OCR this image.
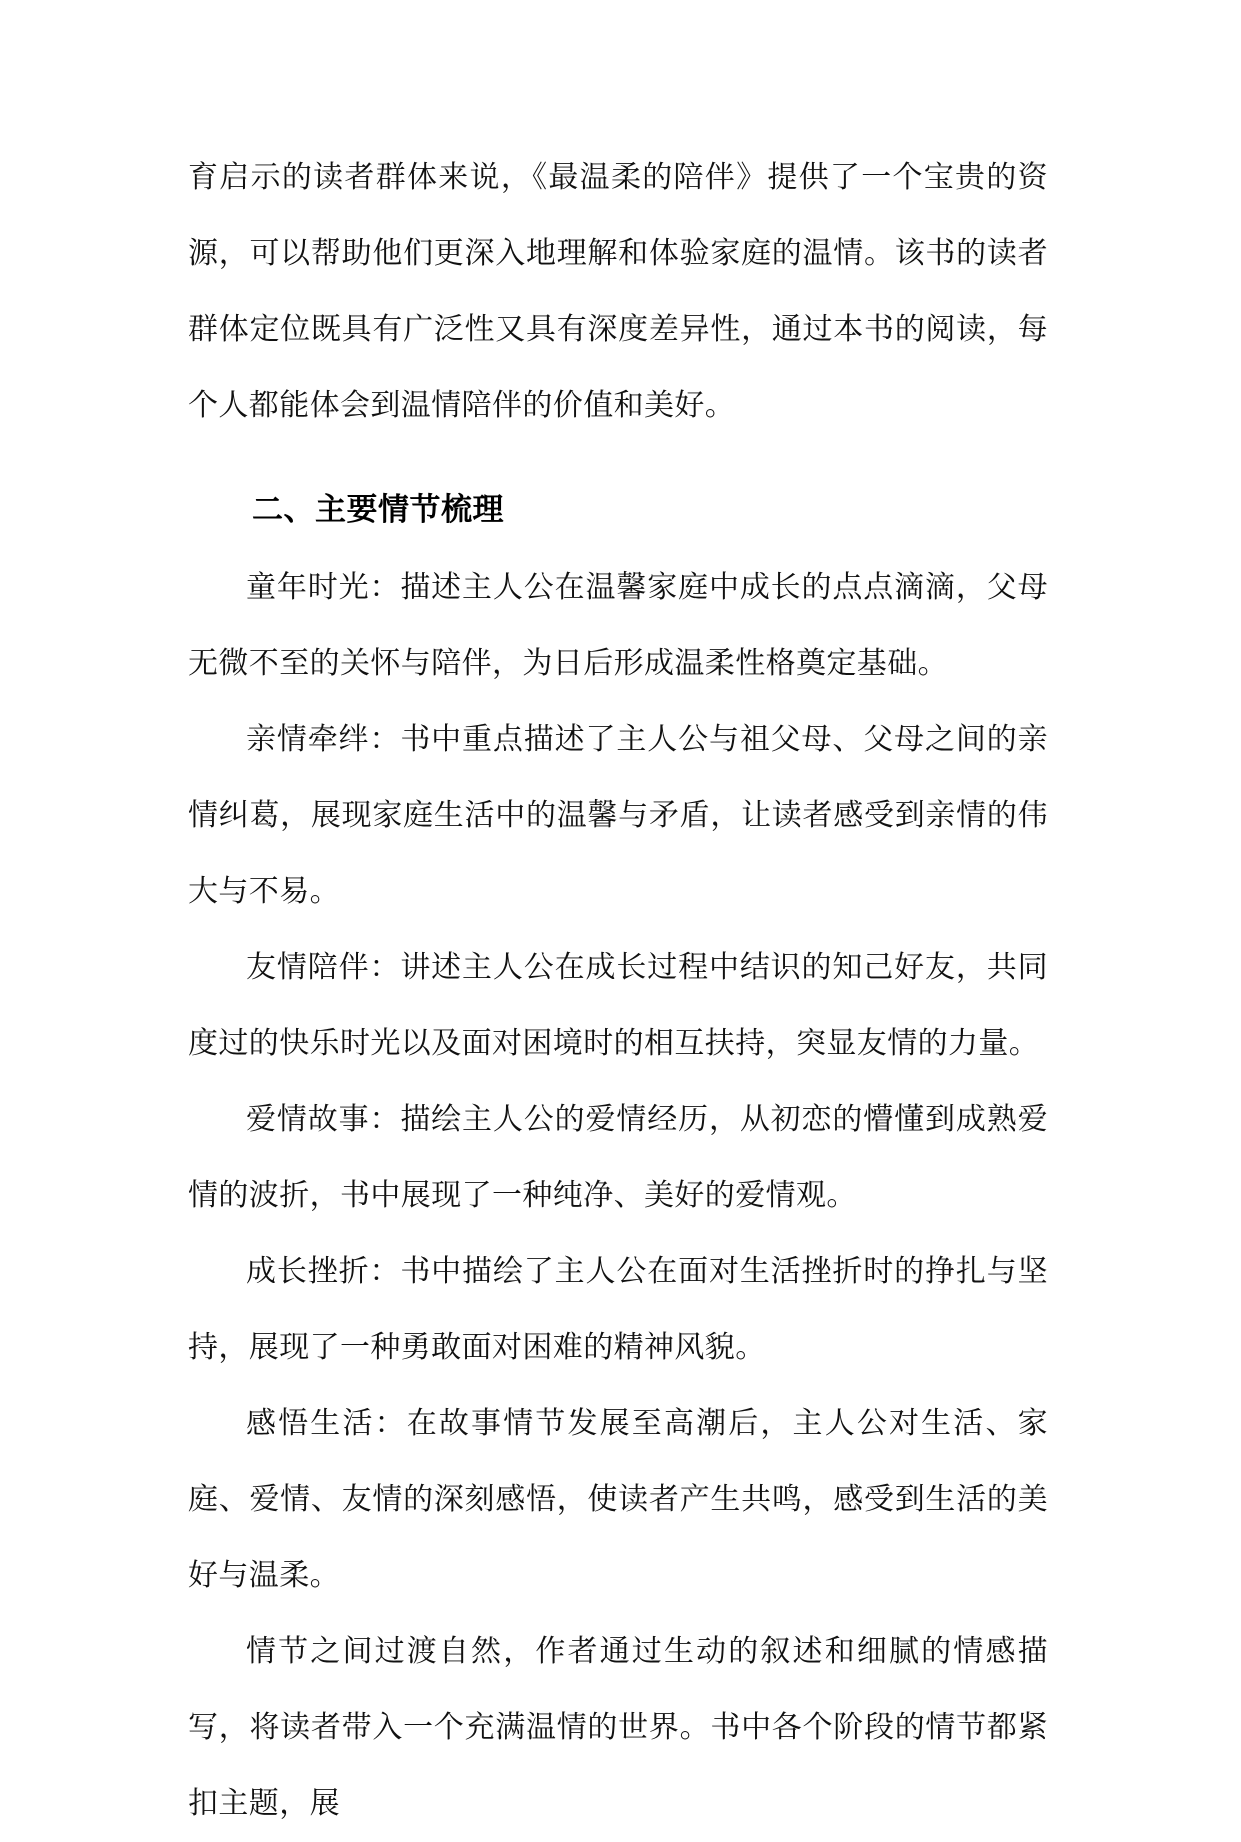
育启示的读者群体来说，《最温柔的陪伴》提供了一个宝贵的资源，可以帮助他们更深入地理解和体验家庭的温情。该书的读者群体定位既具有广泛性又具有深度差异性，通过本书的阅读，每个人都能体会到温情陪伴的价值和美好。

二、主要情节梳理

童年时光：描述主人公在温馨家庭中成长的点点滴滴，父母无微不至的关怀与陪伴，为日后形成温柔性格奠定基础。

亲情牵绊：书中重点描述了主人公与祖父母、父母之间的亲情纠葛，展现家庭生活中的温馨与矛盾，让读者感受到亲情的伟大与不易。

友情陪伴：讲述主人公在成长过程中结识的知己好友，共同度过的快乐时光以及面对困境时的相互扶持，突显友情的力量。

爱情故事：描绘主人公的爱情经历，从初恋的懵懂到成熟爱情的波折，书中展现了一种纯净、美好的爱情观。

成长挫折：书中描绘了主人公在面对生活挫折时的挣扎与坚持，展现了一种勇敢面对困难的精神风貌。

感悟生活：在故事情节发展至高潮后，主人公对生活、家庭、爱情、友情的深刻感悟，使读者产生共鸣，感受到生活的美好与温柔。

情节之间过渡自然，作者通过生动的叙述和细腻的情感描写，将读者带入一个充满温情的世界。书中各个阶段的情节都紧扣主题，展
